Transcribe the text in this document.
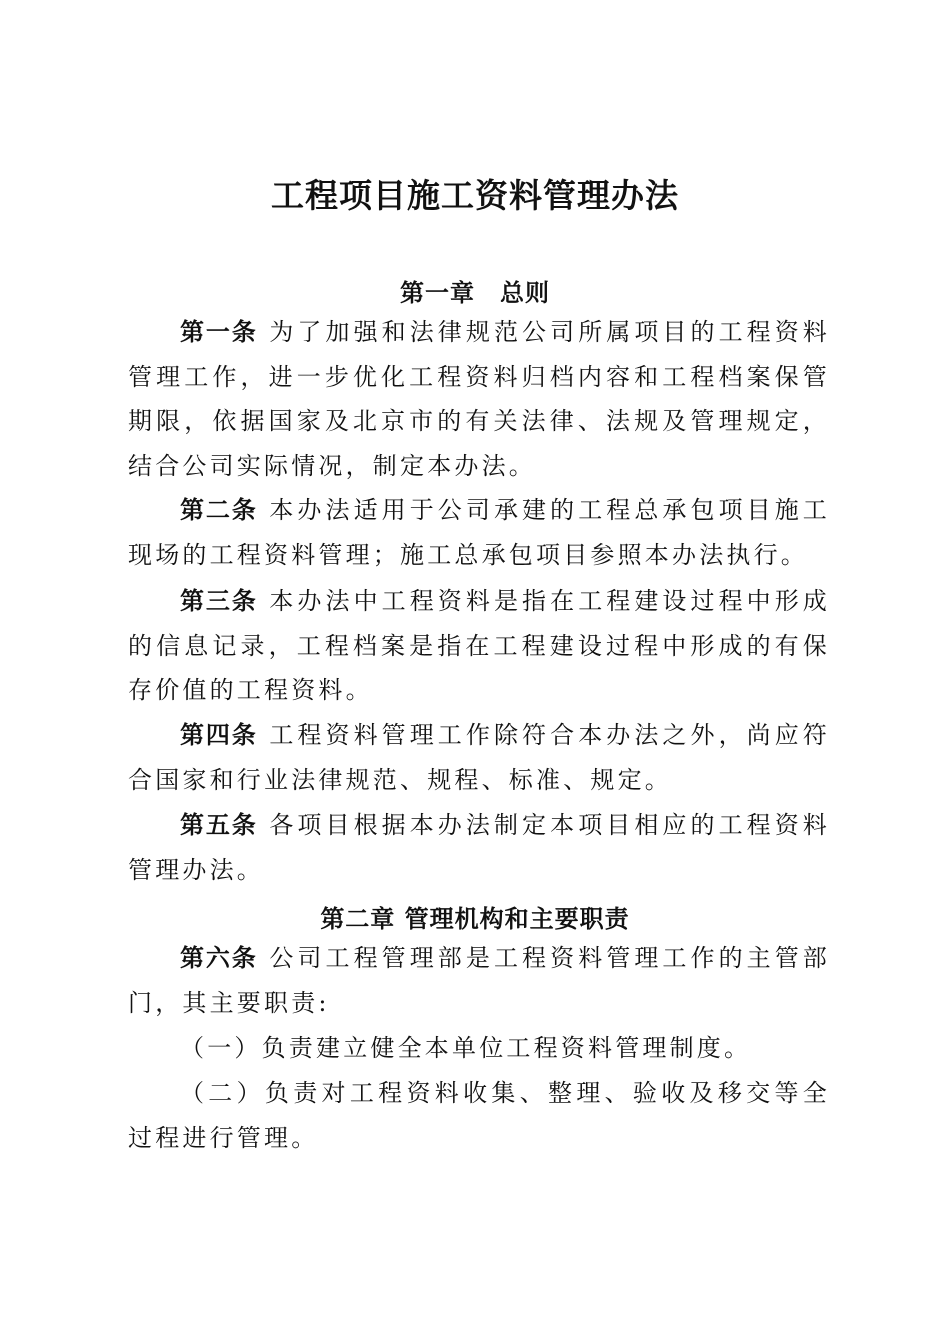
工程项目施工资料管理办法
第一章　总则
第一条 为了加强和法律规范公司所属项目的工程资料管理工作，进一步优化工程资料归档内容和工程档案保管期限，依据国家及北京市的有关法律、法规及管理规定，结合公司实际情况，制定本办法。
第二条 本办法适用于公司承建的工程总承包项目施工现场的工程资料管理；施工总承包项目参照本办法执行。
第三条 本办法中工程资料是指在工程建设过程中形成的信息记录，工程档案是指在工程建设过程中形成的有保存价值的工程资料。
第四条 工程资料管理工作除符合本办法之外，尚应符合国家和行业法律规范、规程、标准、规定。
第五条 各项目根据本办法制定本项目相应的工程资料管理办法。
第二章 管理机构和主要职责
第六条 公司工程管理部是工程资料管理工作的主管部门，其主要职责:
（一）负责建立健全本单位工程资料管理制度。
（二）负责对工程资料收集、整理、验收及移交等全过程进行管理。
